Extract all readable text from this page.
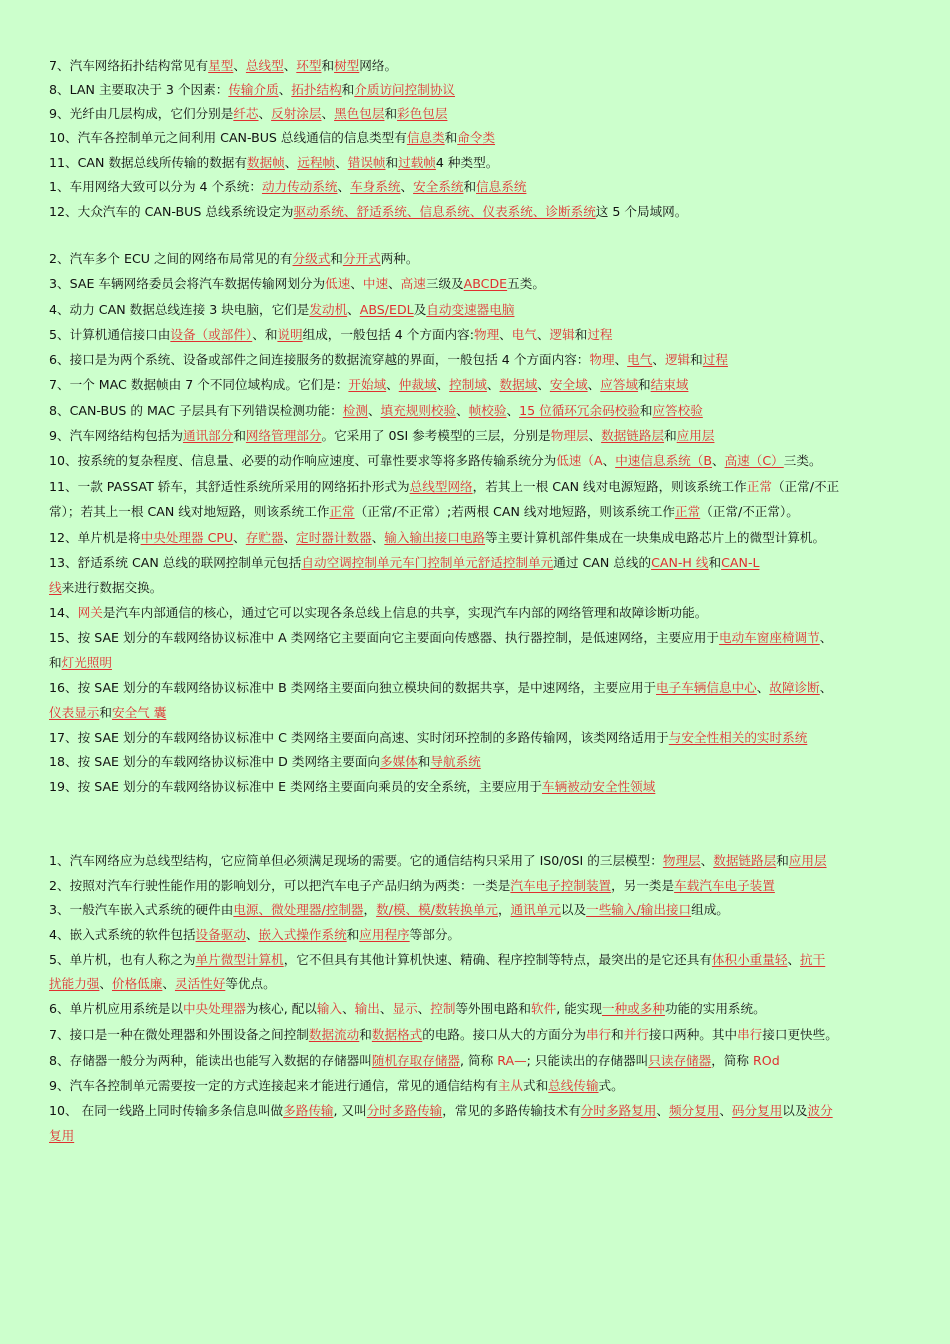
7、汽车网络拓扑结构常见有星型、总线型、环型和树型网络。
8、LAN 主要取决于 3 个因素：传输介质、拓扑结构和介质访问控制协议
9、光纤由几层构成，它们分别是纤芯、反射涂层、黑色包层和彩色包层
10、汽车各控制单元之间利用 CAN-BUS 总线通信的信息类型有信息类和命令类
11、CAN 数据总线所传输的数据有数据帧、远程帧、错误帧和过载帧4 种类型。
1、车用网络大致可以分为 4 个系统：动力传动系统、车身系统、安全系统和信息系统
12、大众汽车的 CAN-BUS 总线系统设定为驱动系统、舒适系统、信息系统、仪表系统、诊断系统这 5 个局域网。
2、汽车多个 ECU 之间的网络布局常见的有分级式和分开式两种。
3、SAE 车辆网络委员会将汽车数据传输网划分为低速、中速、高速三级及ABCDE五类。
4、动力 CAN 数据总线连接 3 块电脑，它们是发动机、ABS/EDL及自动变速器电脑
5、计算机通信接口由设备（或部件）、和说明组成，一般包括 4 个方面内容:物理、电气、逻辑和过程
6、接口是为两个系统、设备或部件之间连接服务的数据流穿越的界面，一般包括 4 个方面内容：物理、电气、逻辑和过程
7、一个 MAC 数据帧由 7 个不同位域构成。它们是：开始域、仲裁域、控制域、数据域、安全域、应答域和结束域
8、CAN-BUS 的 MAC 子层具有下列错误检测功能：检测、填充规则校验、帧校验、15 位循环冗余码校验和应答校验
9、汽车网络结构包括为通讯部分和网络管理部分。它采用了 0SI 参考模型的三层，分别是物理层、数据链路层和应用层
10、按系统的复杂程度、信息量、必要的动作响应速度、可靠性要求等将多路传输系统分为低速（A、中速信息系统（B、高速（C）三类。
11、一款 PASSAT 轿车，其舒适性系统所采用的网络拓扑形式为总线型网络，若其上一根 CAN 线对电源短路，则该系统工作正常（正常/不正
常）；若其上一根 CAN 线对地短路，则该系统工作正常（正常/不正常）;若两根 CAN 线对地短路，则该系统工作正常（正常/不正常）。
12、单片机是将中央处理器 CPU、存贮器、定时器计数器、输入输出接口电路等主要计算机部件集成在一块集成电路芯片上的微型计算机。
13、舒适系统 CAN 总线的联网控制单元包括自动空调控制单元车门控制单元舒适控制单元通过 CAN 总线的CAN-H 线和CAN-L
线来进行数据交换。
14、网关是汽车内部通信的核心，通过它可以实现各条总线上信息的共享，实现汽车内部的网络管理和故障诊断功能。
15、按 SAE 划分的车载网络协议标准中 A 类网络它主要面向它主要面向传感器、执行器控制，是低速网络，主要应用于电动车窗座椅调节、
和灯光照明
16、按 SAE 划分的车载网络协议标准中 B 类网络主要面向独立模块间的数据共享，是中速网络，主要应用于电子车辆信息中心、故障诊断、
仪表显示和安全气 囊
17、按 SAE 划分的车载网络协议标准中 C 类网络主要面向高速、实时闭环控制的多路传输网，该类网络适用于与安全性相关的实时系统
18、按 SAE 划分的车载网络协议标准中 D 类网络主要面向多媒体和导航系统
19、按 SAE 划分的车载网络协议标准中 E 类网络主要面向乘员的安全系统，主要应用于车辆被动安全性领域
1、汽车网络应为总线型结构，它应简单但必须满足现场的需要。它的通信结构只采用了 IS0/0SI 的三层模型：物理层、数据链路层和应用层
2、按照对汽车行驶性能作用的影响划分，可以把汽车电子产品归纳为两类：一类是汽车电子控制装置，另一类是车载汽车电子装置
3、一般汽车嵌入式系统的硬件由电源、微处理器/控制器，数/模、模/数转换单元，通讯单元以及一些输入/输出接口组成。
4、嵌入式系统的软件包括设备驱动、嵌入式操作系统和应用程序等部分。
5、单片机，也有人称之为单片微型计算机，它不但具有其他计算机快速、精确、程序控制等特点，最突出的是它还具有体积小重量轻、抗干
扰能力强、价格低廉、灵活性好等优点。
6、单片机应用系统是以中央处理器为核心, 配以输入、输出、显示、控制等外围电路和软件, 能实现一种或多种功能的实用系统。
7、接口是一种在微处理器和外围设备之间控制数据流动和数据格式的电路。接口从大的方面分为串行和并行接口两种。其中串行接口更快些。
8、存储器一般分为两种，能读出也能写入数据的存储器叫随机存取存储器, 简称 RA—; 只能读出的存储器叫只读存储器，简称 ROd
9、汽车各控制单元需要按一定的方式连接起来才能进行通信，常见的通信结构有主从式和总线传输式。
10、 在同一线路上同时传输多条信息叫做多路传输, 又叫分时多路传输，常见的多路传输技术有分时多路复用、频分复用、码分复用以及波分
复用
